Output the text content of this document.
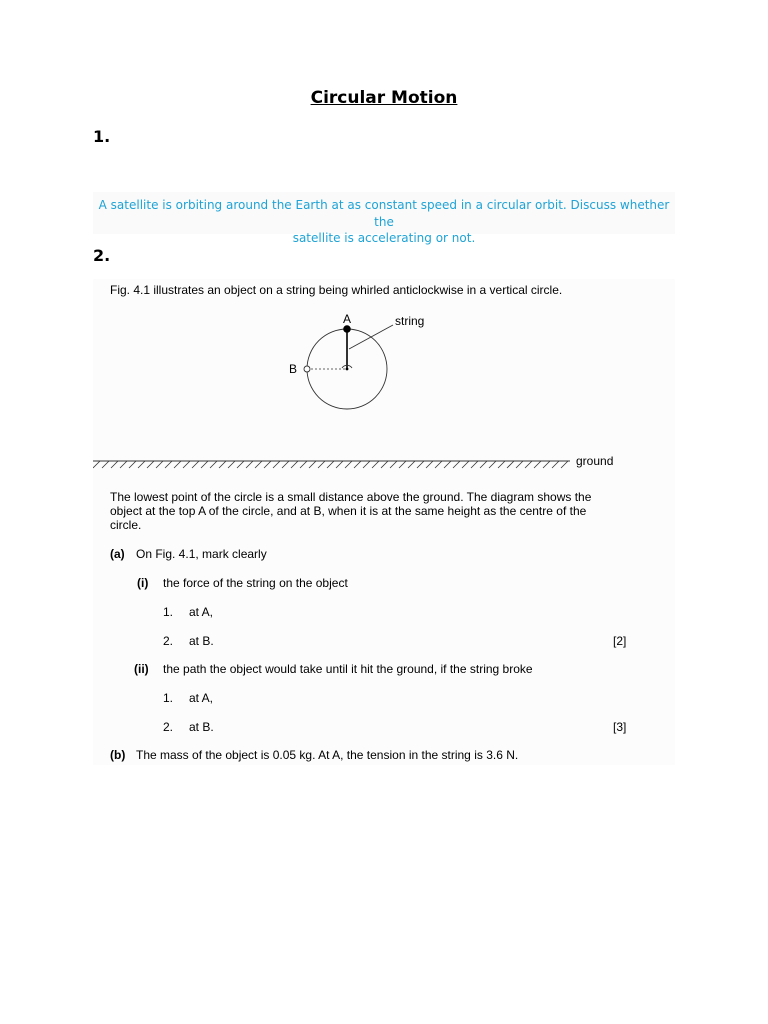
Circular Motion
1.
A satellite is orbiting around the Earth at as constant speed in a circular orbit. Discuss whether the
satellite is accelerating or not.
2.
Fig. 4.1 illustrates an object on a string being whirled anticlockwise in a vertical circle.
A	string
B
ground
The lowest point of the circle is a small distance above the ground. The diagram shows the
object at the top A of the circle, and at B, when it is at the same height as the centre of the
circle.
(a) On Fig. 4.1, mark clearly
(i) the force of the string on the object
1. at A,
2. at B.	[2]
(ii) the path the object would take until it hit the ground, if the string broke
1. at A,
2. at B.	[3]
(b) The mass of the object is 0.05 kg. At A, the tension in the string is 3.6 N.
